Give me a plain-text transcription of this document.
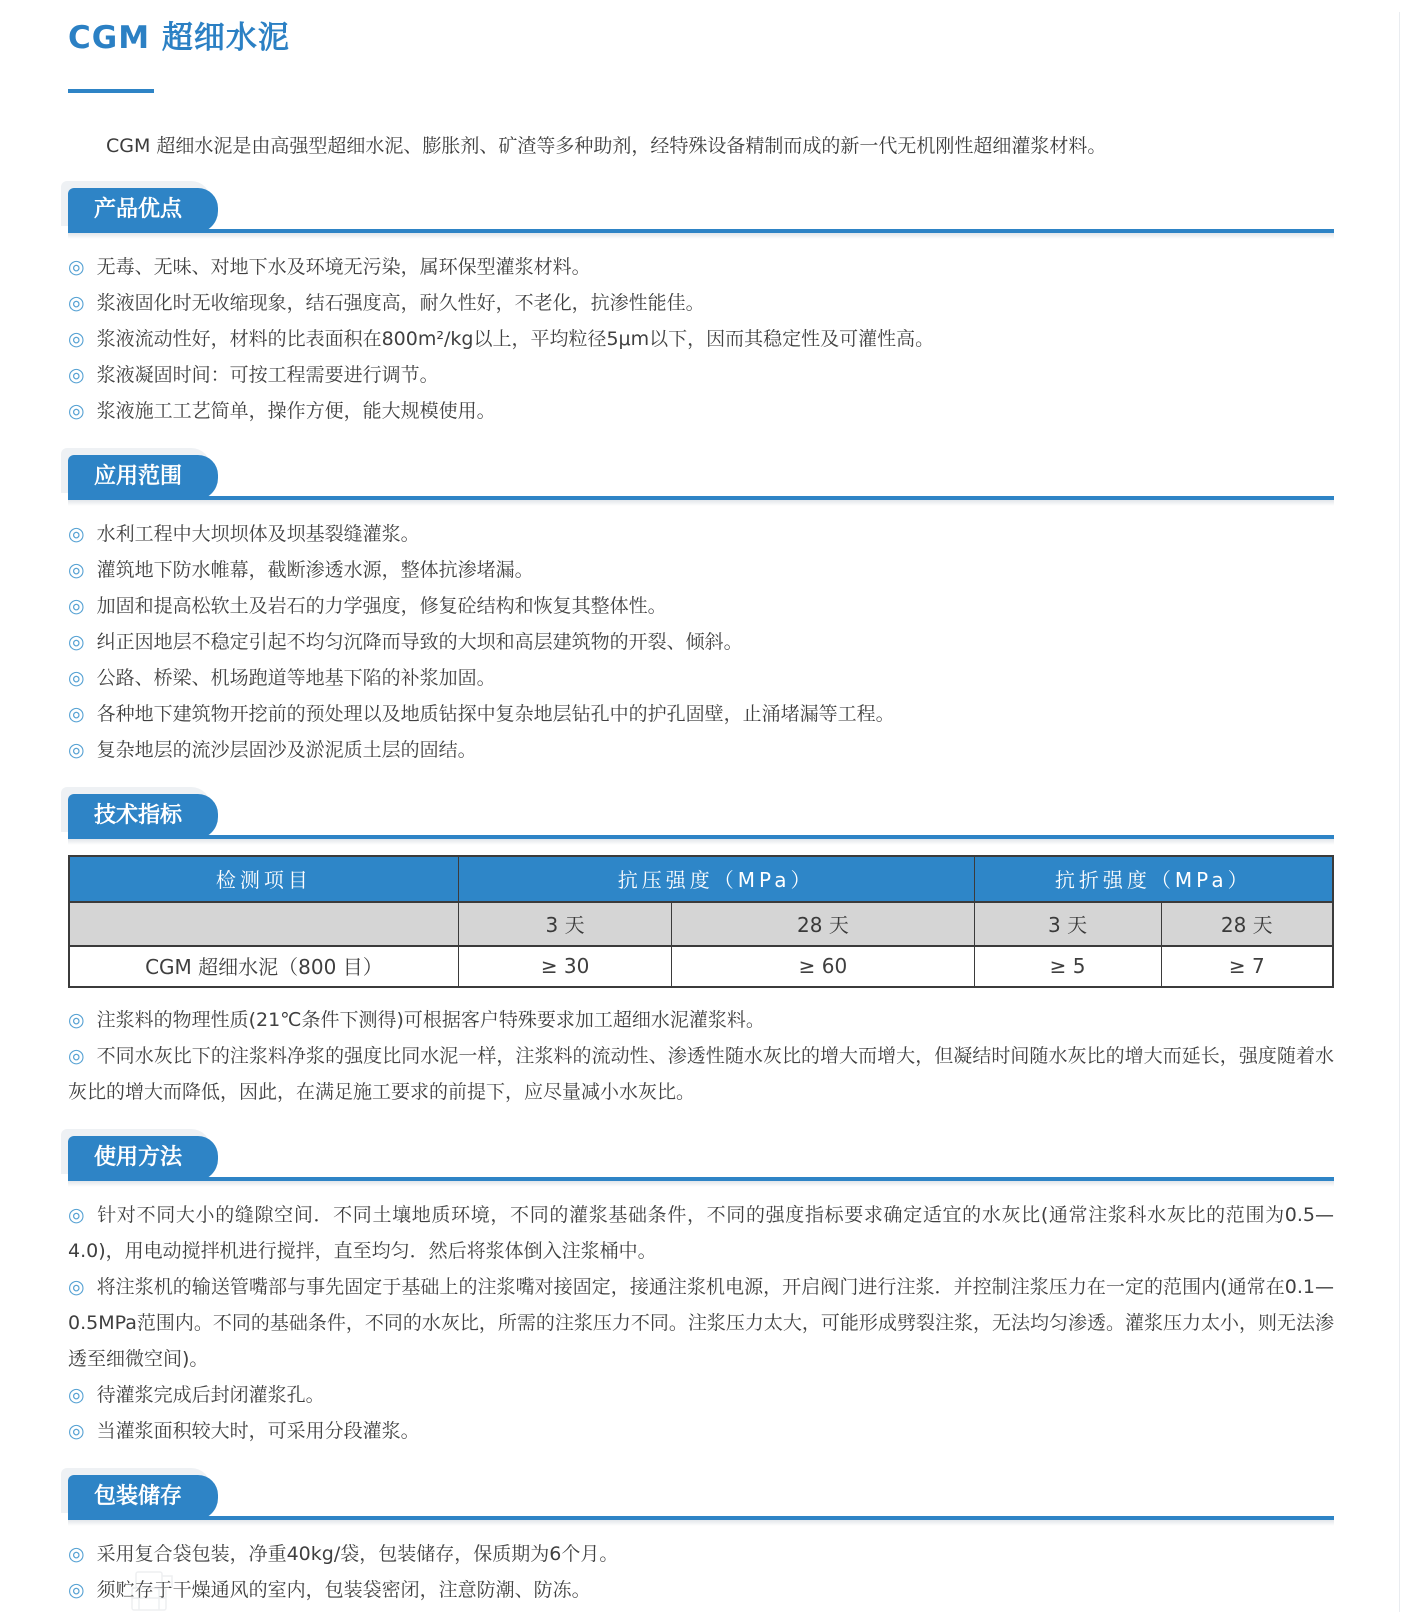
CGM 超细水泥

CGM 超细水泥是由高强型超细水泥、膨胀剂、矿渣等多种助剂，经特殊设备精制而成的新一代无机刚性超细灌浆材料。

产品优点

◎ 无毒、无味、对地下水及环境无污染，属环保型灌浆材料。

◎ 浆液固化时无收缩现象，结石强度高，耐久性好，不老化，抗渗性能佳。

◎ 浆液流动性好，材料的比表面积在800m²/kg以上，平均粒径5μm以下，因而其稳定性及可灌性高。

◎ 浆液凝固时间：可按工程需要进行调节。

◎ 浆液施工工艺简单，操作方便，能大规模使用。

应用范围

◎ 水利工程中大坝坝体及坝基裂缝灌浆。

◎ 灌筑地下防水帷幕，截断渗透水源，整体抗渗堵漏。

◎ 加固和提高松软土及岩石的力学强度，修复砼结构和恢复其整体性。

◎ 纠正因地层不稳定引起不均匀沉降而导致的大坝和高层建筑物的开裂、倾斜。

◎ 公路、桥梁、机场跑道等地基下陷的补浆加固。

◎ 各种地下建筑物开挖前的预处理以及地质钻探中复杂地层钻孔中的护孔固壁，止涌堵漏等工程。

◎ 复杂地层的流沙层固沙及淤泥质土层的固结。

技术指标
检测项目	抗压强度（MPa）		抗折强度（MPa）	
	3 天	28 天	3 天	28 天
CGM 超细水泥（800 目）	≥ 30	≥ 60	≥ 5	≥ 7

◎ 注浆料的物理性质(21℃条件下测得)可根据客户特殊要求加工超细水泥灌浆料。

◎ 不同水灰比下的注浆料净浆的强度比同水泥一样，注浆料的流动性、渗透性随水灰比的增大而增大，但凝结时间随水灰比的增大而延长，强度随着水灰比的增大而降低，因此，在满足施工要求的前提下，应尽量减小水灰比。

使用方法

◎ 针对不同大小的缝隙空间．不同土壤地质环境，不同的灌浆基础条件，不同的强度指标要求确定适宜的水灰比(通常注浆科水灰比的范围为0.5—4.0)，用电动搅拌机进行搅拌，直至均匀．然后将浆体倒入注浆桶中。

◎ 将注浆机的输送管嘴部与事先固定于基础上的注浆嘴对接固定，接通注浆机电源，开启阀门进行注浆．并控制注浆压力在一定的范围内(通常在0.1—0.5MPa范围内。不同的基础条件，不同的水灰比，所需的注浆压力不同。注浆压力太大，可能形成劈裂注浆，无法均匀渗透。灌浆压力太小，则无法渗透至细微空间)。

◎ 待灌浆完成后封闭灌浆孔。

◎ 当灌浆面积较大时，可采用分段灌浆。

包装储存

◎ 采用复合袋包装，净重40kg/袋，包装储存，保质期为6个月。

◎ 须贮存于干燥通风的室内，包装袋密闭，注意防潮、防冻。
